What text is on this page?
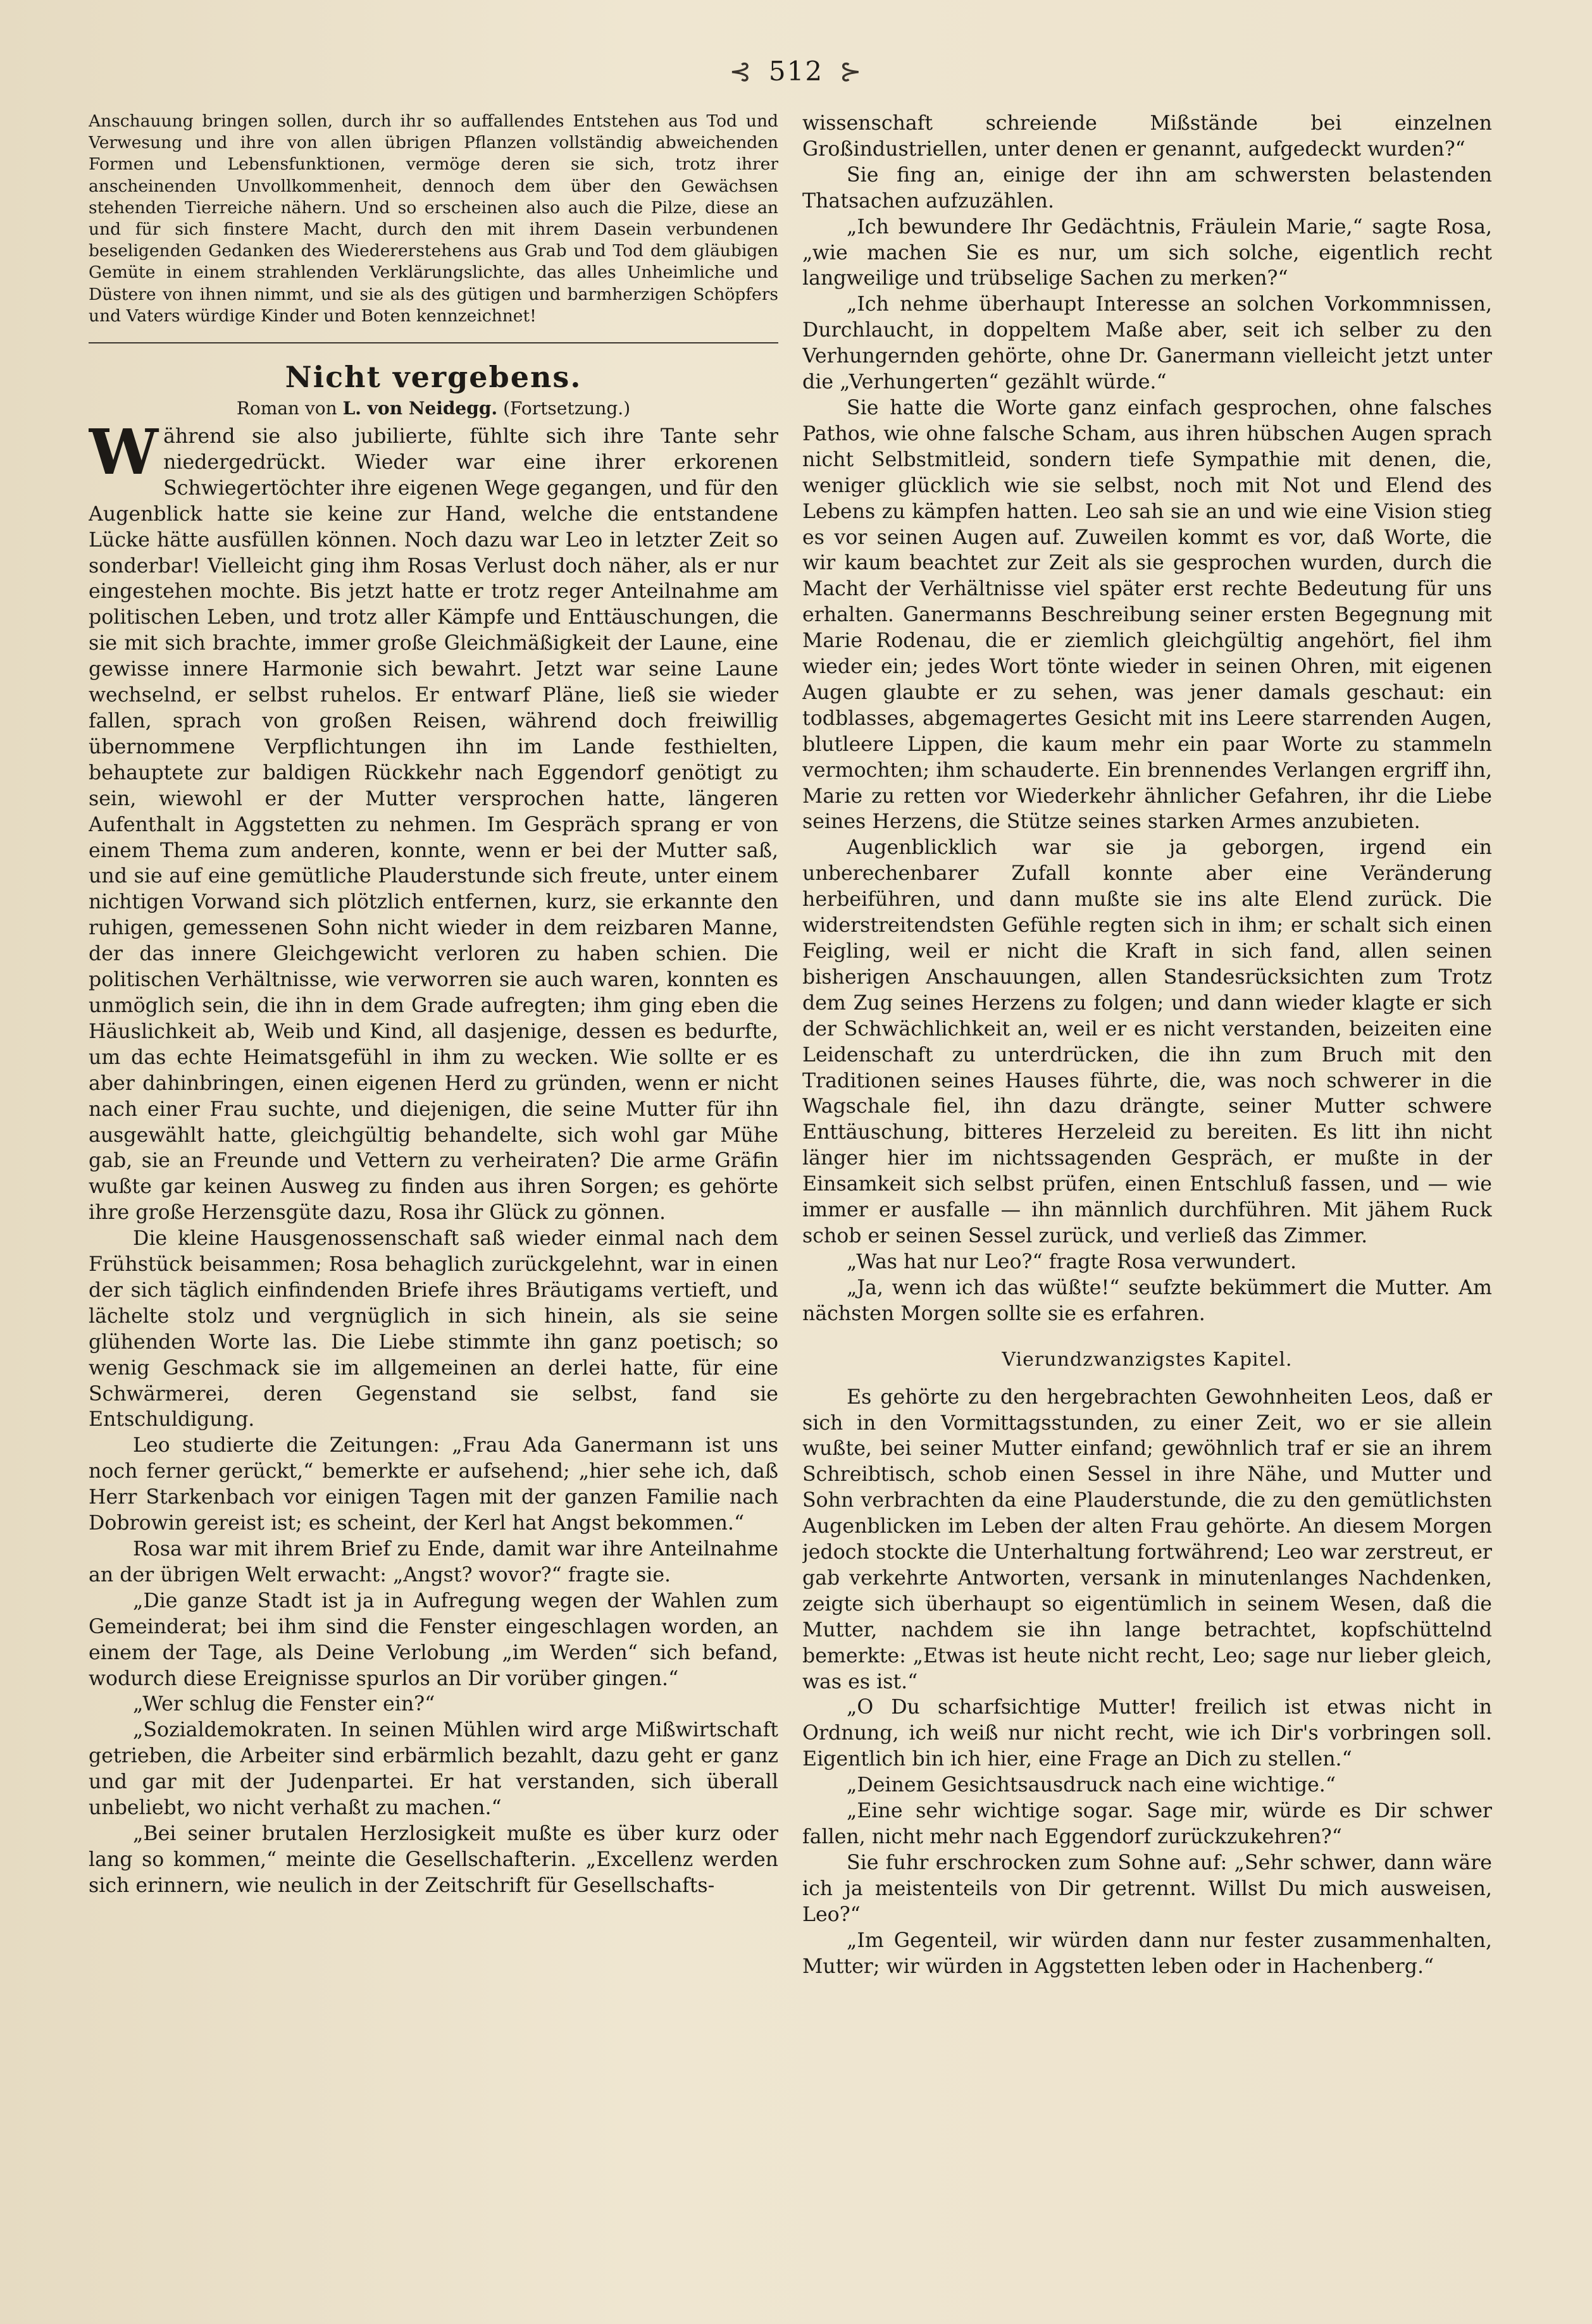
⊰ 512 ⊱

Anschauung bringen sollen, durch ihr so auffallendes Entstehen aus Tod und Verwesung und ihre von allen übrigen Pflanzen vollständig abweichenden Formen und Lebensfunktionen, vermöge deren sie sich, trotz ihrer anscheinenden Unvollkommenheit, dennoch dem über den Gewächsen stehenden Tierreiche nähern. Und so erscheinen also auch die Pilze, diese an und für sich finstere Macht, durch den mit ihrem Dasein verbundenen beseligenden Gedanken des Wiedererstehens aus Grab und Tod dem gläubigen Gemüte in einem strahlenden Verklärungslichte, das alles Unheimliche und Düstere von ihnen nimmt, und sie als des gütigen und barmherzigen Schöpfers und Vaters würdige Kinder und Boten kennzeichnet!

Nicht vergebens.
Roman von L. von Neidegg. (Fortsetzung.)

Während sie also jubilierte, fühlte sich ihre Tante sehr niedergedrückt. Wieder war eine ihrer erkorenen Schwiegertöchter ihre eigenen Wege gegangen, und für den Augenblick hatte sie keine zur Hand, welche die entstandene Lücke hätte ausfüllen können. Noch dazu war Leo in letzter Zeit so sonderbar! Vielleicht ging ihm Rosas Verlust doch näher, als er nur eingestehen mochte. Bis jetzt hatte er trotz reger Anteilnahme am politischen Leben, und trotz aller Kämpfe und Enttäuschungen, die sie mit sich brachte, immer große Gleichmäßigkeit der Laune, eine gewisse innere Harmonie sich bewahrt. Jetzt war seine Laune wechselnd, er selbst ruhelos. Er entwarf Pläne, ließ sie wieder fallen, sprach von großen Reisen, während doch freiwillig übernommene Verpflichtungen ihn im Lande festhielten, behauptete zur baldigen Rückkehr nach Eggendorf genötigt zu sein, wiewohl er der Mutter versprochen hatte, längeren Aufenthalt in Aggstetten zu nehmen. Im Gespräch sprang er von einem Thema zum anderen, konnte, wenn er bei der Mutter saß, und sie auf eine gemütliche Plauderstunde sich freute, unter einem nichtigen Vorwand sich plötzlich entfernen, kurz, sie erkannte den ruhigen, gemessenen Sohn nicht wieder in dem reizbaren Manne, der das innere Gleichgewicht verloren zu haben schien. Die politischen Verhältnisse, wie verworren sie auch waren, konnten es unmöglich sein, die ihn in dem Grade aufregten; ihm ging eben die Häuslichkeit ab, Weib und Kind, all dasjenige, dessen es bedurfte, um das echte Heimatsgefühl in ihm zu wecken. Wie sollte er es aber dahinbringen, einen eigenen Herd zu gründen, wenn er nicht nach einer Frau suchte, und diejenigen, die seine Mutter für ihn ausgewählt hatte, gleichgültig behandelte, sich wohl gar Mühe gab, sie an Freunde und Vettern zu verheiraten? Die arme Gräfin wußte gar keinen Ausweg zu finden aus ihren Sorgen; es gehörte ihre große Herzensgüte dazu, Rosa ihr Glück zu gönnen.

Die kleine Hausgenossenschaft saß wieder einmal nach dem Frühstück beisammen; Rosa behaglich zurückgelehnt, war in einen der sich täglich einfindenden Briefe ihres Bräutigams vertieft, und lächelte stolz und vergnüglich in sich hinein, als sie seine glühenden Worte las. Die Liebe stimmte ihn ganz poetisch; so wenig Geschmack sie im allgemeinen an derlei hatte, für eine Schwärmerei, deren Gegenstand sie selbst, fand sie Entschuldigung.

Leo studierte die Zeitungen: „Frau Ada Ganermann ist uns noch ferner gerückt,“ bemerkte er aufsehend; „hier sehe ich, daß Herr Starkenbach vor einigen Tagen mit der ganzen Familie nach Dobrowin gereist ist; es scheint, der Kerl hat Angst bekommen.“

Rosa war mit ihrem Brief zu Ende, damit war ihre Anteilnahme an der übrigen Welt erwacht: „Angst? wovor?“ fragte sie.

„Die ganze Stadt ist ja in Aufregung wegen der Wahlen zum Gemeinderat; bei ihm sind die Fenster eingeschlagen worden, an einem der Tage, als Deine Verlobung „im Werden“ sich befand, wodurch diese Ereignisse spurlos an Dir vorüber gingen.“

„Wer schlug die Fenster ein?“

„Sozialdemokraten. In seinen Mühlen wird arge Mißwirtschaft getrieben, die Arbeiter sind erbärmlich bezahlt, dazu geht er ganz und gar mit der Judenpartei. Er hat verstanden, sich überall unbeliebt, wo nicht verhaßt zu machen.“

„Bei seiner brutalen Herzlosigkeit mußte es über kurz oder lang so kommen,“ meinte die Gesellschafterin. „Excellenz werden sich erinnern, wie neulich in der Zeitschrift für Gesellschafts-

wissenschaft schreiende Mißstände bei einzelnen Großindustriellen, unter denen er genannt, aufgedeckt wurden?“

Sie fing an, einige der ihn am schwersten belastenden Thatsachen aufzuzählen.

„Ich bewundere Ihr Gedächtnis, Fräulein Marie,“ sagte Rosa, „wie machen Sie es nur, um sich solche, eigentlich recht langweilige und trübselige Sachen zu merken?“

„Ich nehme überhaupt Interesse an solchen Vorkommnissen, Durchlaucht, in doppeltem Maße aber, seit ich selber zu den Verhungernden gehörte, ohne Dr. Ganermann vielleicht jetzt unter die „Verhungerten“ gezählt würde.“

Sie hatte die Worte ganz einfach gesprochen, ohne falsches Pathos, wie ohne falsche Scham, aus ihren hübschen Augen sprach nicht Selbstmitleid, sondern tiefe Sympathie mit denen, die, weniger glücklich wie sie selbst, noch mit Not und Elend des Lebens zu kämpfen hatten. Leo sah sie an und wie eine Vision stieg es vor seinen Augen auf. Zuweilen kommt es vor, daß Worte, die wir kaum beachtet zur Zeit als sie gesprochen wurden, durch die Macht der Verhältnisse viel später erst rechte Bedeutung für uns erhalten. Ganermanns Beschreibung seiner ersten Begegnung mit Marie Rodenau, die er ziemlich gleichgültig angehört, fiel ihm wieder ein; jedes Wort tönte wieder in seinen Ohren, mit eigenen Augen glaubte er zu sehen, was jener damals geschaut: ein todblasses, abgemagertes Gesicht mit ins Leere starrenden Augen, blutleere Lippen, die kaum mehr ein paar Worte zu stammeln vermochten; ihm schauderte. Ein brennendes Verlangen ergriff ihn, Marie zu retten vor Wiederkehr ähnlicher Gefahren, ihr die Liebe seines Herzens, die Stütze seines starken Armes anzubieten.

Augenblicklich war sie ja geborgen, irgend ein unberechenbarer Zufall konnte aber eine Veränderung herbeiführen, und dann mußte sie ins alte Elend zurück. Die widerstreitendsten Gefühle regten sich in ihm; er schalt sich einen Feigling, weil er nicht die Kraft in sich fand, allen seinen bisherigen Anschauungen, allen Standesrücksichten zum Trotz dem Zug seines Herzens zu folgen; und dann wieder klagte er sich der Schwächlichkeit an, weil er es nicht verstanden, beizeiten eine Leidenschaft zu unterdrücken, die ihn zum Bruch mit den Traditionen seines Hauses führte, die, was noch schwerer in die Wagschale fiel, ihn dazu drängte, seiner Mutter schwere Enttäuschung, bitteres Herzeleid zu bereiten. Es litt ihn nicht länger hier im nichtssagenden Gespräch, er mußte in der Einsamkeit sich selbst prüfen, einen Entschluß fassen, und — wie immer er ausfalle — ihn männlich durchführen. Mit jähem Ruck schob er seinen Sessel zurück, und verließ das Zimmer.

„Was hat nur Leo?“ fragte Rosa verwundert.

„Ja, wenn ich das wüßte!“ seufzte bekümmert die Mutter. Am nächsten Morgen sollte sie es erfahren.

Vierundzwanzigstes Kapitel.

Es gehörte zu den hergebrachten Gewohnheiten Leos, daß er sich in den Vormittagsstunden, zu einer Zeit, wo er sie allein wußte, bei seiner Mutter einfand; gewöhnlich traf er sie an ihrem Schreibtisch, schob einen Sessel in ihre Nähe, und Mutter und Sohn verbrachten da eine Plauderstunde, die zu den gemütlichsten Augenblicken im Leben der alten Frau gehörte. An diesem Morgen jedoch stockte die Unterhaltung fortwährend; Leo war zerstreut, er gab verkehrte Antworten, versank in minutenlanges Nachdenken, zeigte sich überhaupt so eigentümlich in seinem Wesen, daß die Mutter, nachdem sie ihn lange betrachtet, kopfschüttelnd bemerkte: „Etwas ist heute nicht recht, Leo; sage nur lieber gleich, was es ist.“

„O Du scharfsichtige Mutter! freilich ist etwas nicht in Ordnung, ich weiß nur nicht recht, wie ich Dir's vorbringen soll. Eigentlich bin ich hier, eine Frage an Dich zu stellen.“

„Deinem Gesichtsausdruck nach eine wichtige.“

„Eine sehr wichtige sogar. Sage mir, würde es Dir schwer fallen, nicht mehr nach Eggendorf zurückzukehren?“

Sie fuhr erschrocken zum Sohne auf: „Sehr schwer, dann wäre ich ja meistenteils von Dir getrennt. Willst Du mich ausweisen, Leo?“

„Im Gegenteil, wir würden dann nur fester zusammenhalten, Mutter; wir würden in Aggstetten leben oder in Hachenberg.“
